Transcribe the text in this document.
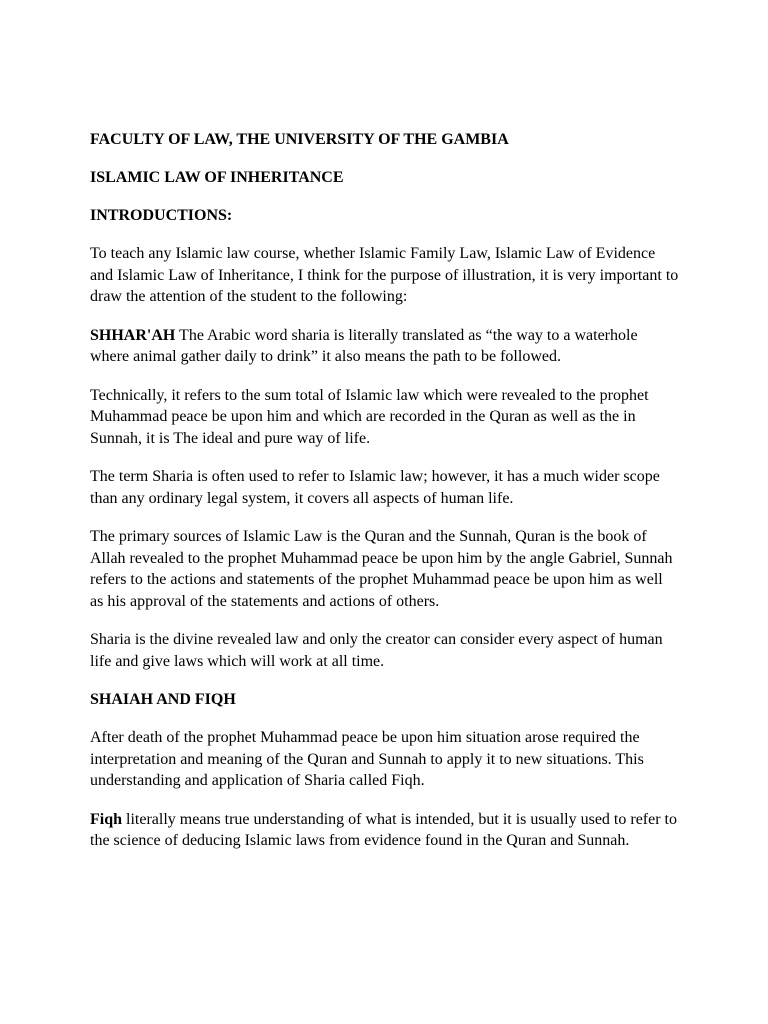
FACULTY OF LAW, THE UNIVERSITY OF THE GAMBIA
ISLAMIC LAW OF INHERITANCE
INTRODUCTIONS:

To teach any Islamic law course, whether Islamic Family Law, Islamic Law of Evidence and Islamic Law of Inheritance, I think for the purpose of illustration, it is very important to draw the attention of the student to the following:

SHHAR'AH The Arabic word sharia is literally translated as “the way to a waterhole where animal gather daily to drink” it also means the path to be followed.

Technically, it refers to the sum total of Islamic law which were revealed to the prophet Muhammad peace be upon him and which are recorded in the Quran as well as the in Sunnah, it is The ideal and pure way of life.

The term Sharia is often used to refer to Islamic law; however, it has a much wider scope than any ordinary legal system, it covers all aspects of human life.

The primary sources of Islamic Law is the Quran and the Sunnah, Quran is the book of Allah revealed to the prophet Muhammad peace be upon him by the angle Gabriel, Sunnah refers to the actions and statements of the prophet Muhammad peace be upon him as well as his approval of the statements and actions of others.

Sharia is the divine revealed law and only the creator can consider every aspect of human life and give laws which will work at all time.

SHAIAH AND FIQH

After death of the prophet Muhammad peace be upon him situation arose required the interpretation and meaning of the Quran and Sunnah to apply it to new situations. This understanding and application of Sharia called Fiqh.

Fiqh literally means true understanding of what is intended, but it is usually used to refer to the science of deducing Islamic laws from evidence found in the Quran and Sunnah.
